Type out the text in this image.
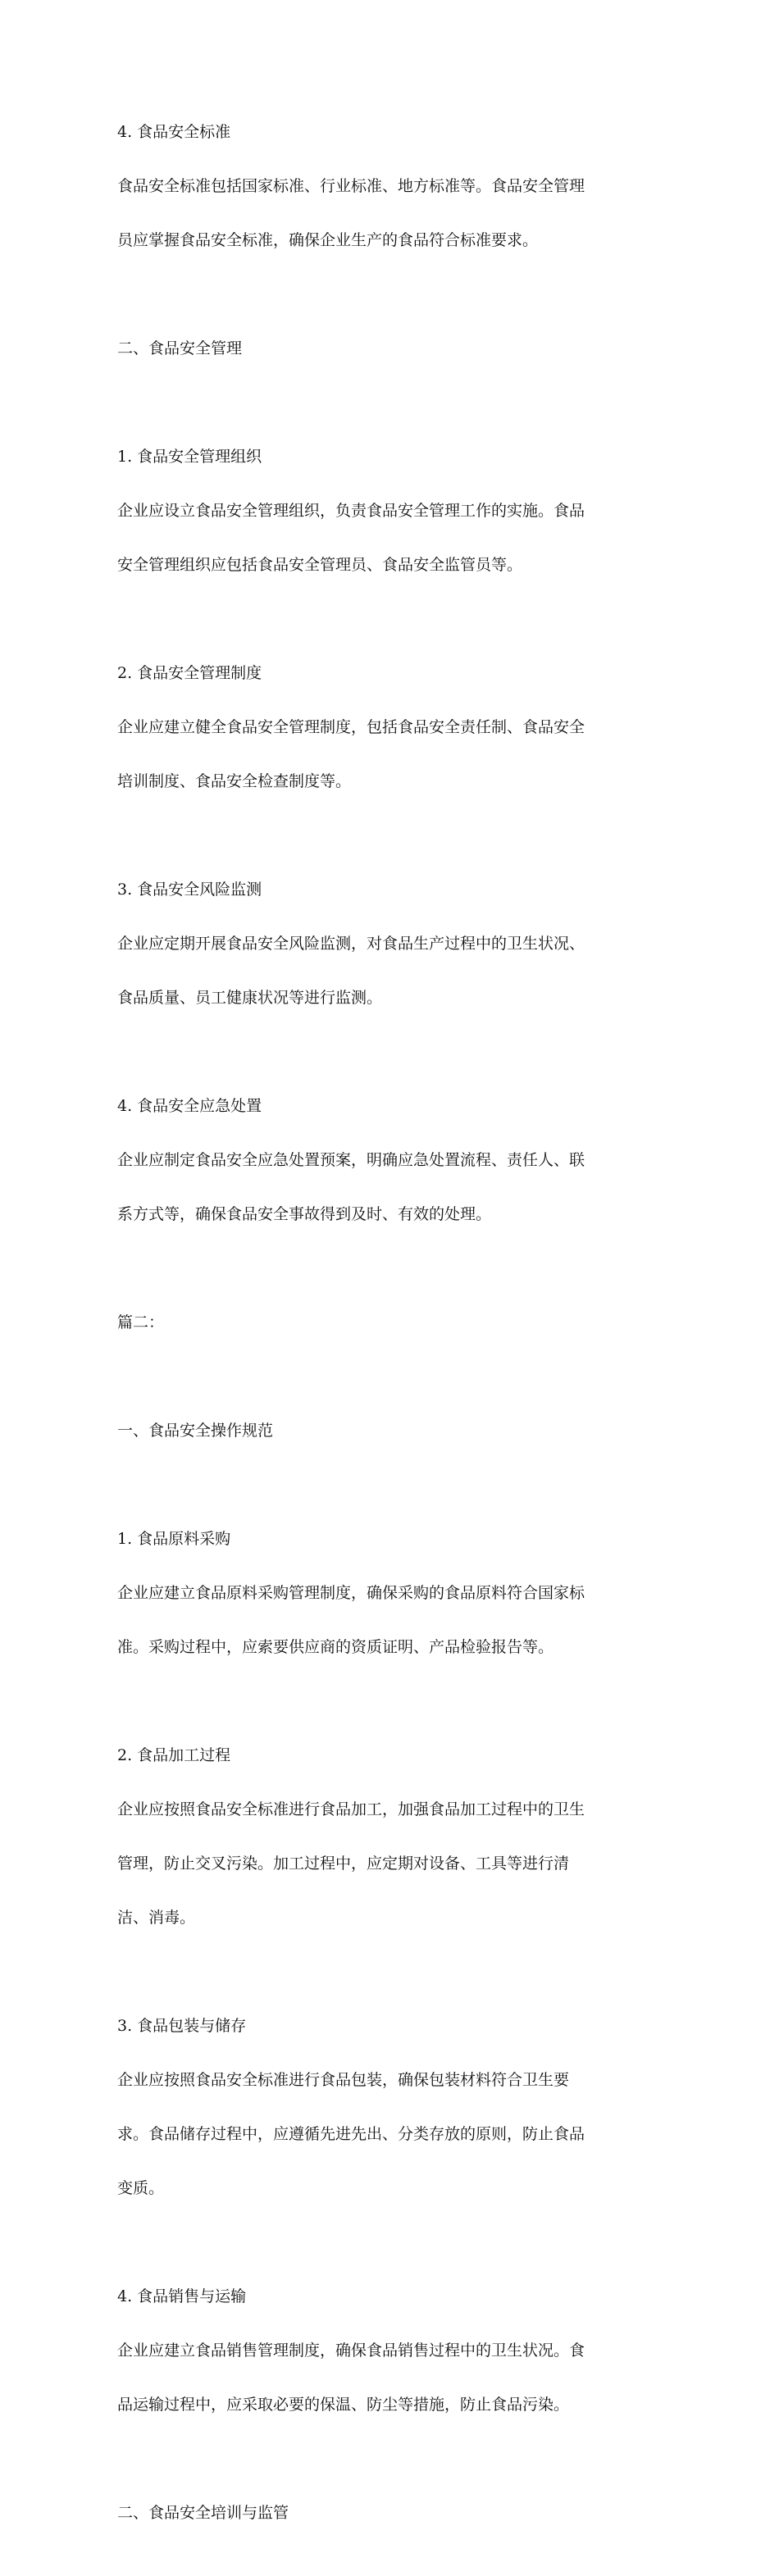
4. 食品安全标准

食品安全标准包括国家标准、行业标准、地方标准等。食品安全管理

员应掌握食品安全标准，确保企业生产的食品符合标准要求。

二、食品安全管理

1. 食品安全管理组织

企业应设立食品安全管理组织，负责食品安全管理工作的实施。食品

安全管理组织应包括食品安全管理员、食品安全监管员等。

2. 食品安全管理制度

企业应建立健全食品安全管理制度，包括食品安全责任制、食品安全

培训制度、食品安全检查制度等。

3. 食品安全风险监测

企业应定期开展食品安全风险监测，对食品生产过程中的卫生状况、

食品质量、员工健康状况等进行监测。

4. 食品安全应急处置

企业应制定食品安全应急处置预案，明确应急处置流程、责任人、联

系方式等，确保食品安全事故得到及时、有效的处理。

篇二：

一、食品安全操作规范

1. 食品原料采购

企业应建立食品原料采购管理制度，确保采购的食品原料符合国家标

准。采购过程中，应索要供应商的资质证明、产品检验报告等。

2. 食品加工过程

企业应按照食品安全标准进行食品加工，加强食品加工过程中的卫生

管理，防止交叉污染。加工过程中，应定期对设备、工具等进行清

洁、消毒。

3. 食品包装与储存

企业应按照食品安全标准进行食品包装，确保包装材料符合卫生要

求。食品储存过程中，应遵循先进先出、分类存放的原则，防止食品

变质。

4. 食品销售与运输

企业应建立食品销售管理制度，确保食品销售过程中的卫生状况。食

品运输过程中，应采取必要的保温、防尘等措施，防止食品污染。

二、食品安全培训与监管
